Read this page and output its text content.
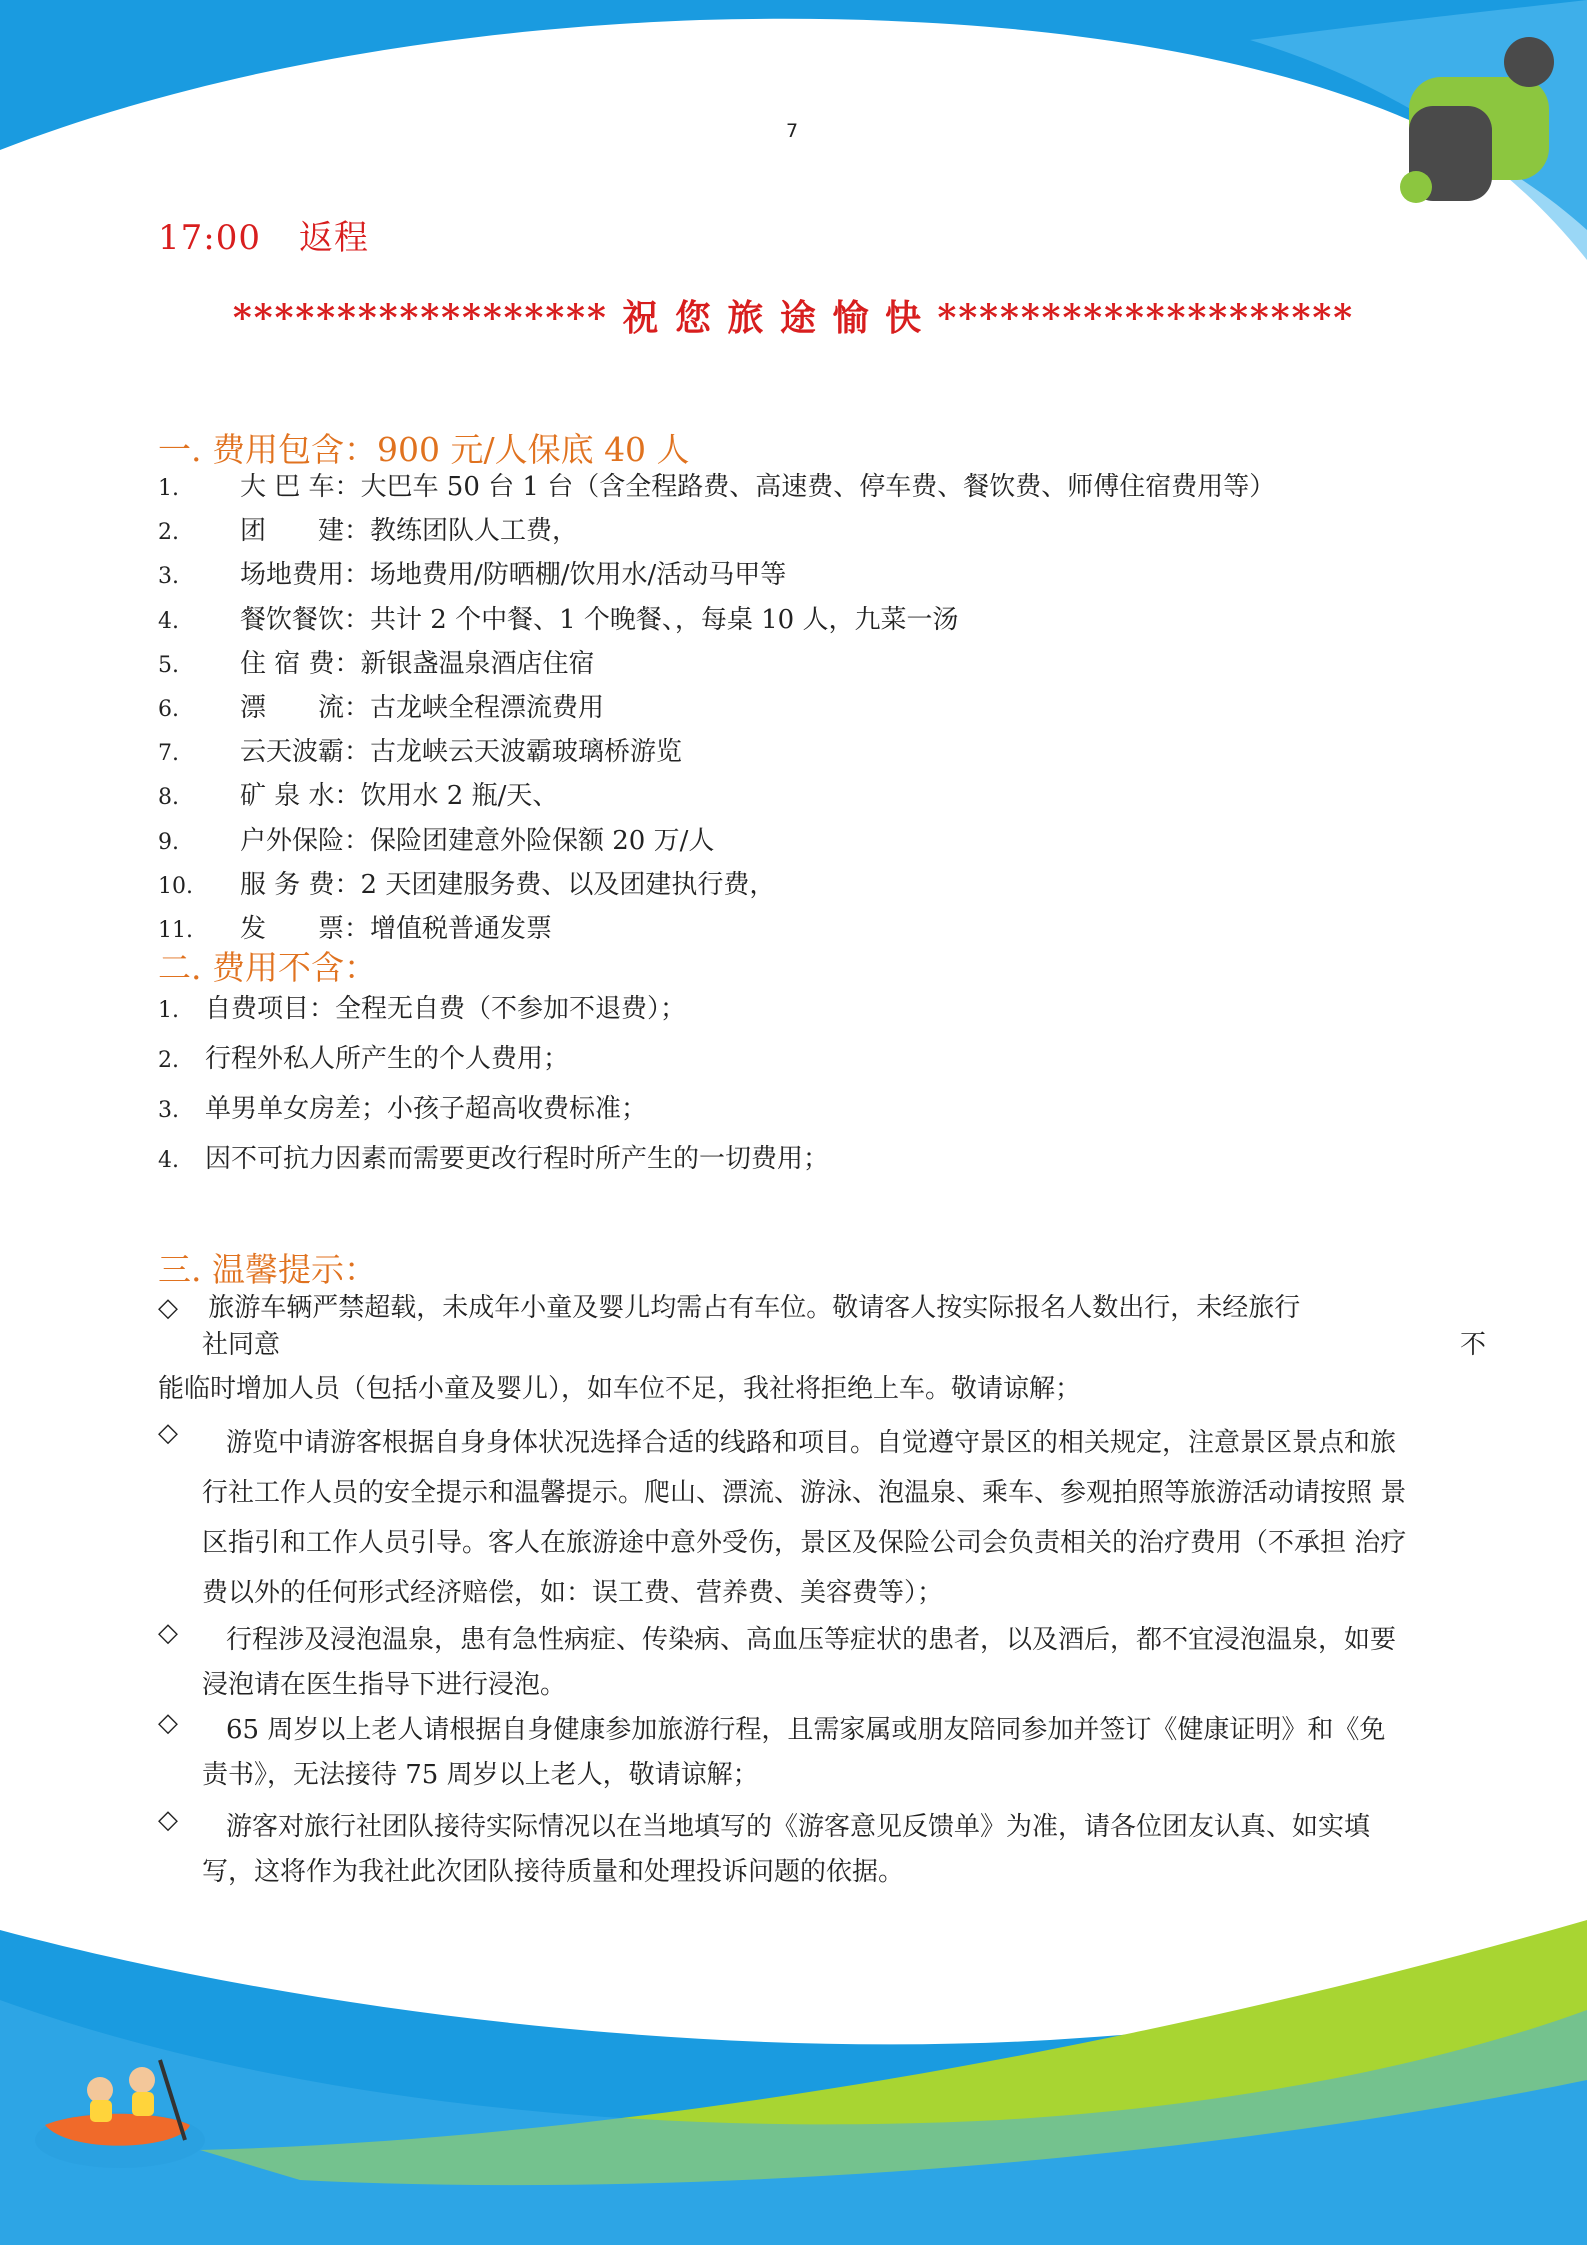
7
17:00 返程
****************** 祝 您 旅 途 愉 快 ********************
一. 费用包含：900 元/人保底 40 人
1. 大 巴 车：大巴车 50 台 1 台（含全程路费、高速费、停车费、餐饮费、师傅住宿费用等）
2. 团　　建：教练团队人工费，
3. 场地费用：场地费用/防晒棚/饮用水/活动马甲等
4. 餐饮餐饮：共计 2 个中餐、1 个晚餐、，每桌 10 人，九菜一汤
5. 住 宿 费：新银盏温泉酒店住宿
6. 漂　　流：古龙峡全程漂流费用
7. 云天波霸：古龙峡云天波霸玻璃桥游览
8. 矿 泉 水：饮用水 2 瓶/天、
9. 户外保险：保险团建意外险保额 20 万/人
10. 服 务 费：2 天团建服务费、以及团建执行费，
11. 发　　票：增值税普通发票
二. 费用不含：
1. 自费项目：全程无自费（不参加不退费）；
2. 行程外私人所产生的个人费用；
3. 单男单女房差；小孩子超高收费标准；
4. 因不可抗力因素而需要更改行程时所产生的一切费用；
三. 温馨提示：
◇ 旅游车辆严禁超载，未成年小童及婴儿均需占有车位。敬请客人按实际报名人数出行，未经旅行
社同意	不
能临时增加人员（包括小童及婴儿），如车位不足，我社将拒绝上车。敬请谅解；
◇	游览中请游客根据自身身体状况选择合适的线路和项目。自觉遵守景区的相关规定，注意景区景点和旅 行社工作人员的安全提示和温馨提示。爬山、漂流、游泳、泡温泉、乘车、参观拍照等旅游活动请按照 景区指引和工作人员引导。客人在旅游途中意外受伤，景区及保险公司会负责相关的治疗费用（不承担 治疗费以外的任何形式经济赔偿，如：误工费、营养费、美容费等）；
◇	行程涉及浸泡温泉，患有急性病症、传染病、高血压等症状的患者，以及酒后，都不宜浸泡温泉，如要 浸泡请在医生指导下进行浸泡。
◇	65 周岁以上老人请根据自身健康参加旅游行程，且需家属或朋友陪同参加并签订《健康证明》和《免责书》，无法接待 75 周岁以上老人，敬请谅解；
◇	游客对旅行社团队接待实际情况以在当地填写的《游客意见反馈单》为准，请各位团友认真、如实填写，这将作为我社此次团队接待质量和处理投诉问题的依据。
